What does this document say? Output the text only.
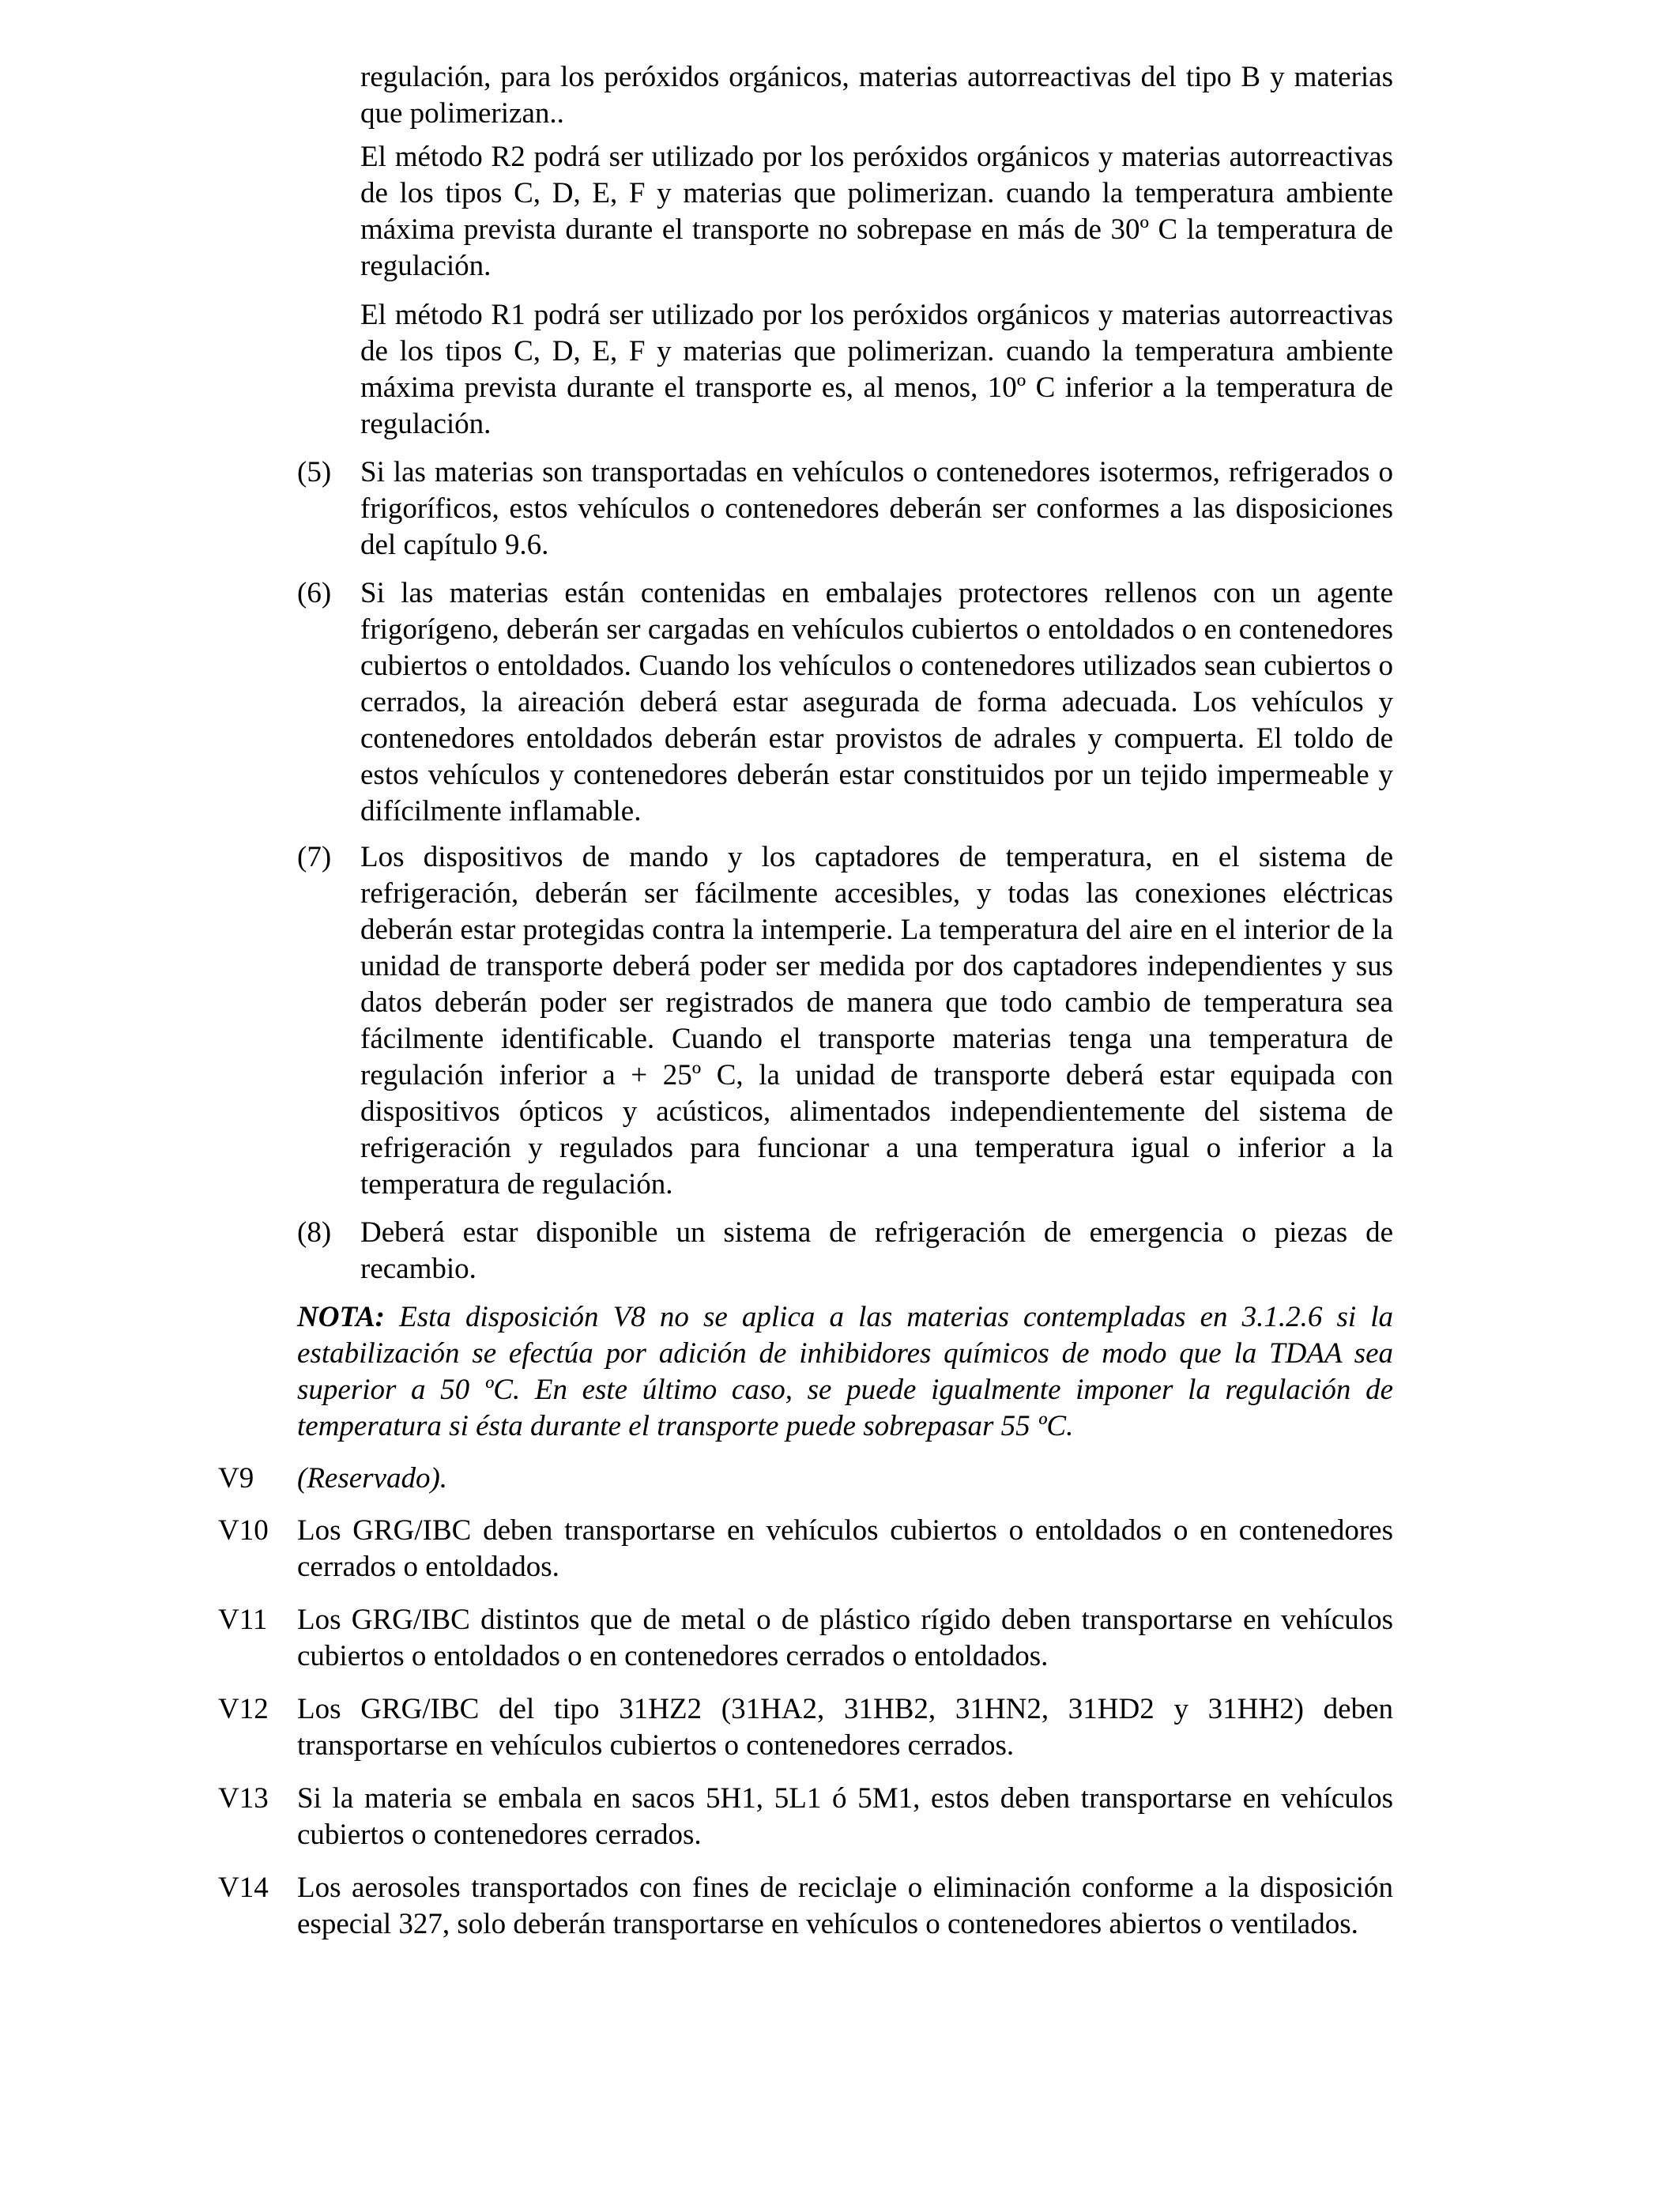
regulación, para los peróxidos orgánicos, materias autorreactivas del tipo B y materias que polimerizan..
El método R2 podrá ser utilizado por los peróxidos orgánicos y materias autorreactivas de los tipos C, D, E, F y materias que polimerizan. cuando la temperatura ambiente máxima prevista durante el transporte no sobrepase en más de 30º C la temperatura de regulación.
El método R1 podrá ser utilizado por los peróxidos orgánicos y materias autorreactivas de los tipos C, D, E, F y materias que polimerizan. cuando la temperatura ambiente máxima prevista durante el transporte es, al menos, 10º C inferior a la temperatura de regulación.
(5) Si las materias son transportadas en vehículos o contenedores isotermos, refrigerados o frigoríficos, estos vehículos o contenedores deberán ser conformes a las disposiciones del capítulo 9.6.
(6) Si las materias están contenidas en embalajes protectores rellenos con un agente frigorígeno, deberán ser cargadas en vehículos cubiertos o entoldados o en contenedores cubiertos o entoldados. Cuando los vehículos o contenedores utilizados sean cubiertos o cerrados, la aireación deberá estar asegurada de forma adecuada. Los vehículos y contenedores entoldados deberán estar provistos de adrales y compuerta. El toldo de estos vehículos y contenedores deberán estar constituidos por un tejido impermeable y difícilmente inflamable.
(7) Los dispositivos de mando y los captadores de temperatura, en el sistema de refrigeración, deberán ser fácilmente accesibles, y todas las conexiones eléctricas deberán estar protegidas contra la intemperie. La temperatura del aire en el interior de la unidad de transporte deberá poder ser medida por dos captadores independientes y sus datos deberán poder ser registrados de manera que todo cambio de temperatura sea fácilmente identificable. Cuando el transporte materias tenga una temperatura de regulación inferior a + 25º C, la unidad de transporte deberá estar equipada con dispositivos ópticos y acústicos, alimentados independientemente del sistema de refrigeración y regulados para funcionar a una temperatura igual o inferior a la temperatura de regulación.
(8) Deberá estar disponible un sistema de refrigeración de emergencia o piezas de recambio.
NOTA: Esta disposición V8 no se aplica a las materias contempladas en 3.1.2.6 si la estabilización se efectúa por adición de inhibidores químicos de modo que la TDAA sea superior a 50 ºC. En este último caso, se puede igualmente imponer la regulación de temperatura si ésta durante el transporte puede sobrepasar 55 ºC.
V9 (Reservado).
V10 Los GRG/IBC deben transportarse en vehículos cubiertos o entoldados o en contenedores cerrados o entoldados.
V11 Los GRG/IBC distintos que de metal o de plástico rígido deben transportarse en vehículos cubiertos o entoldados o en contenedores cerrados o entoldados.
V12 Los GRG/IBC del tipo 31HZ2 (31HA2, 31HB2, 31HN2, 31HD2 y 31HH2) deben transportarse en vehículos cubiertos o contenedores cerrados.
V13 Si la materia se embala en sacos 5H1, 5L1 ó 5M1, estos deben transportarse en vehículos cubiertos o contenedores cerrados.
V14 Los aerosoles transportados con fines de reciclaje o eliminación conforme a la disposición especial 327, solo deberán transportarse en vehículos o contenedores abiertos o ventilados.
